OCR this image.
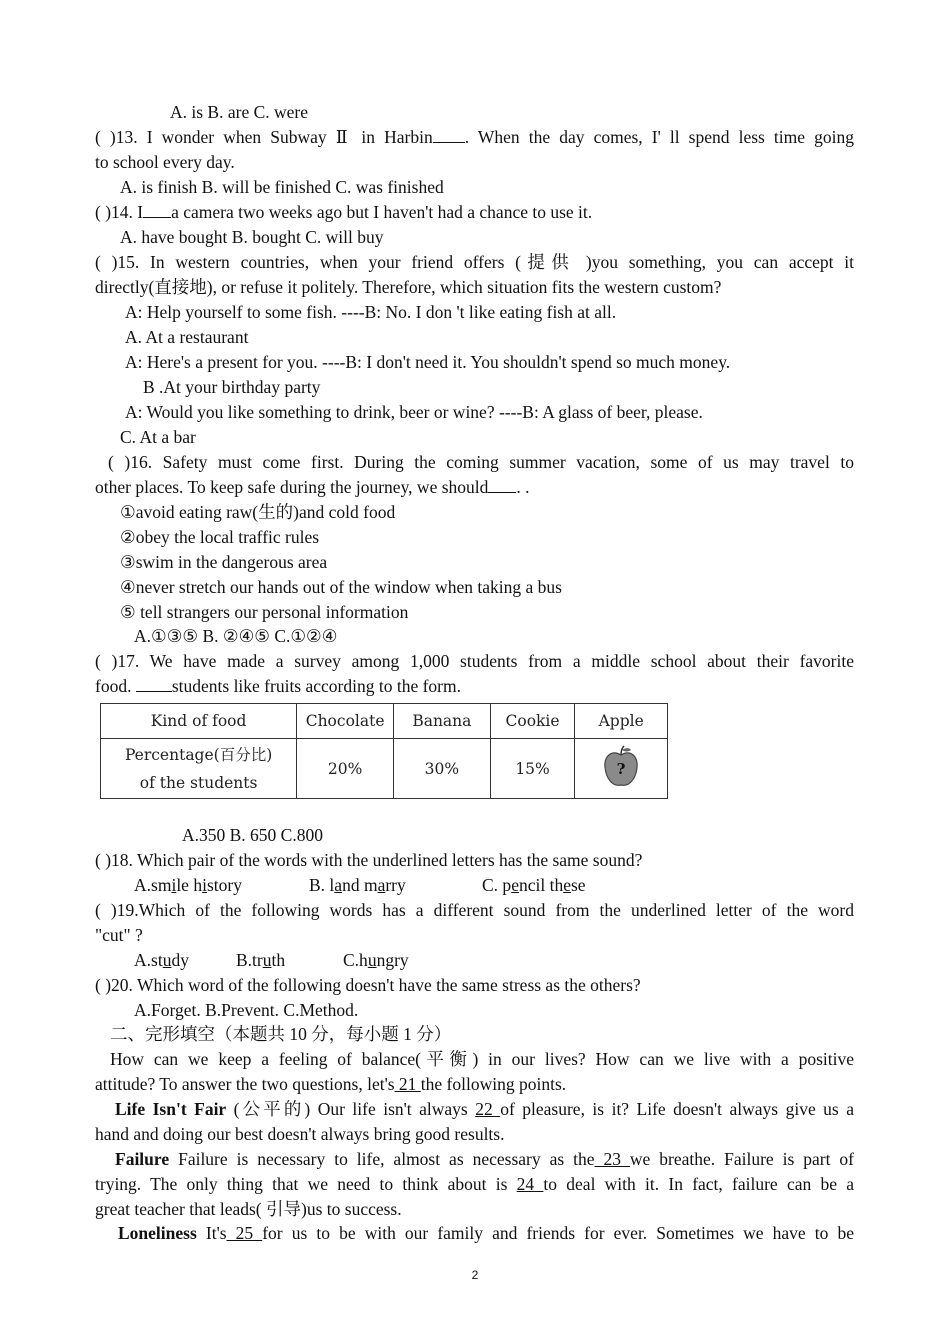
A. is B. are C. were
( )13. I wonder when Subway Ⅱ in Harbin . When the day comes, I' ll spend less time going
to school every day.
A. is finish B. will be finished C. was finished
( )14. I a camera two weeks ago but I haven't had a chance to use it.
A. have bought B. bought C. will buy
( )15. In western countries, when your friend offers (提供 )you something, you can accept it
directly(直接地), or refuse it politely. Therefore, which situation fits the western custom?
A: Help yourself to some fish. ----B: No. I don 't like eating fish at all.
A. At a restaurant
A: Here's a present for you. ----B: I don't need it. You shouldn't spend so much money.
B .At your birthday party
A: Would you like something to drink, beer or wine? ----B: A glass of beer, please.
C. At a bar
( )16. Safety must come first. During the coming summer vacation, some of us may travel to
other places. To keep safe during the journey, we should . .
①avoid eating raw(生的)and cold food
②obey the local traffic rules
③swim in the dangerous area
④never stretch our hands out of the window when taking a bus
⑤ tell strangers our personal information
A.①③⑤ B. ②④⑤ C.①②④
( )17. We have made a survey among 1,000 students from a middle school about their favorite
food. students like fruits according to the form.
Kind of food	Chocolate	Banana	Cookie	Apple

Percentage(百分比)
of the students	20%	30%	15%	?
A.350 B. 650 C.800
( )18. Which pair of the words with the underlined letters has the same sound?
A.smile history	B. land marry	C. pencil these
( )19.Which of the following words has a different sound from the underlined letter of the word
"cut" ?
A.study	B.truth	C.hungry
( )20. Which word of the following doesn't have the same stress as the others?
A.Forget. B.Prevent. C.Method.
二、完形填空（本题共 10 分，每小题 1 分）
How can we keep a feeling of balance(平衡) in our lives? How can we live with a positive
attitude? To answer the two questions, let's 21 the following points.
Life Isn't Fair (公平的) Our life isn't always 22 of pleasure, is it? Life doesn't always give us a
hand and doing our best doesn't always bring good results.
Failure Failure is necessary to life, almost as necessary as the 23 we breathe. Failure is part of
trying. The only thing that we need to think about is 24 to deal with it. In fact, failure can be a
great teacher that leads( 引导)us to success.
Loneliness It's 25 for us to be with our family and friends for ever. Sometimes we have to be
2
